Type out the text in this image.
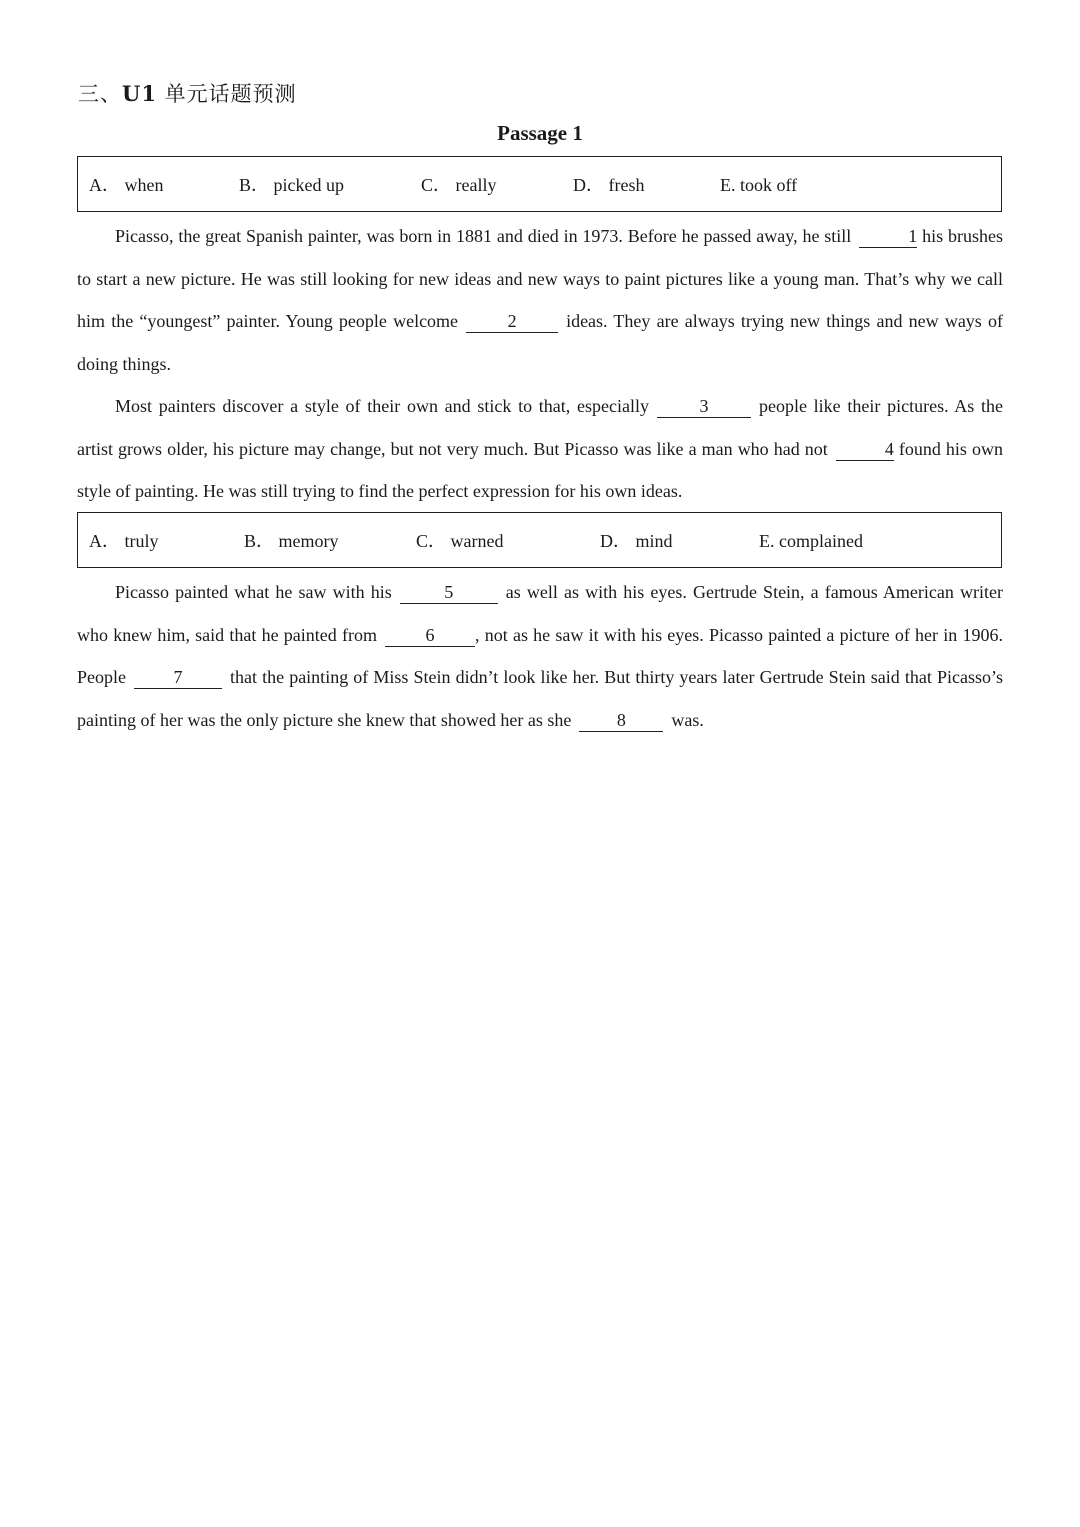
三、U1 单元话题预测
Passage 1
A． when	B． picked up	C． really	D． fresh	E. took off

Picasso, the great Spanish painter, was born in 1881 and died in 1973. Before he passed away, he still	1 his brushes to start a new picture. He was still looking for new ideas and new ways to paint pictures like a young man. That’s why we call him the “youngest” painter. Young people welcome	2	ideas. They are always trying new things and new ways of doing things.

Most painters discover a style of their own and stick to that, especially	3	people like their pictures. As the artist grows older, his picture may change, but not very much. But Picasso was like a man who had not	4 found his own style of painting. He was still trying to find the perfect expression for his own ideas.

A． truly	B． memory	C． warned	D． mind	E. complained

Picasso painted what he saw with his	5	as well as with his eyes. Gertrude Stein, a famous American writer who knew him, said that he painted from	6 , not as he saw it with his eyes. Picasso painted a picture of her in 1906. People	7	that the painting of Miss Stein didn’t look like her. But thirty years later Gertrude Stein said that Picasso’s painting of her was the only picture she knew that showed her as she	8	was.
